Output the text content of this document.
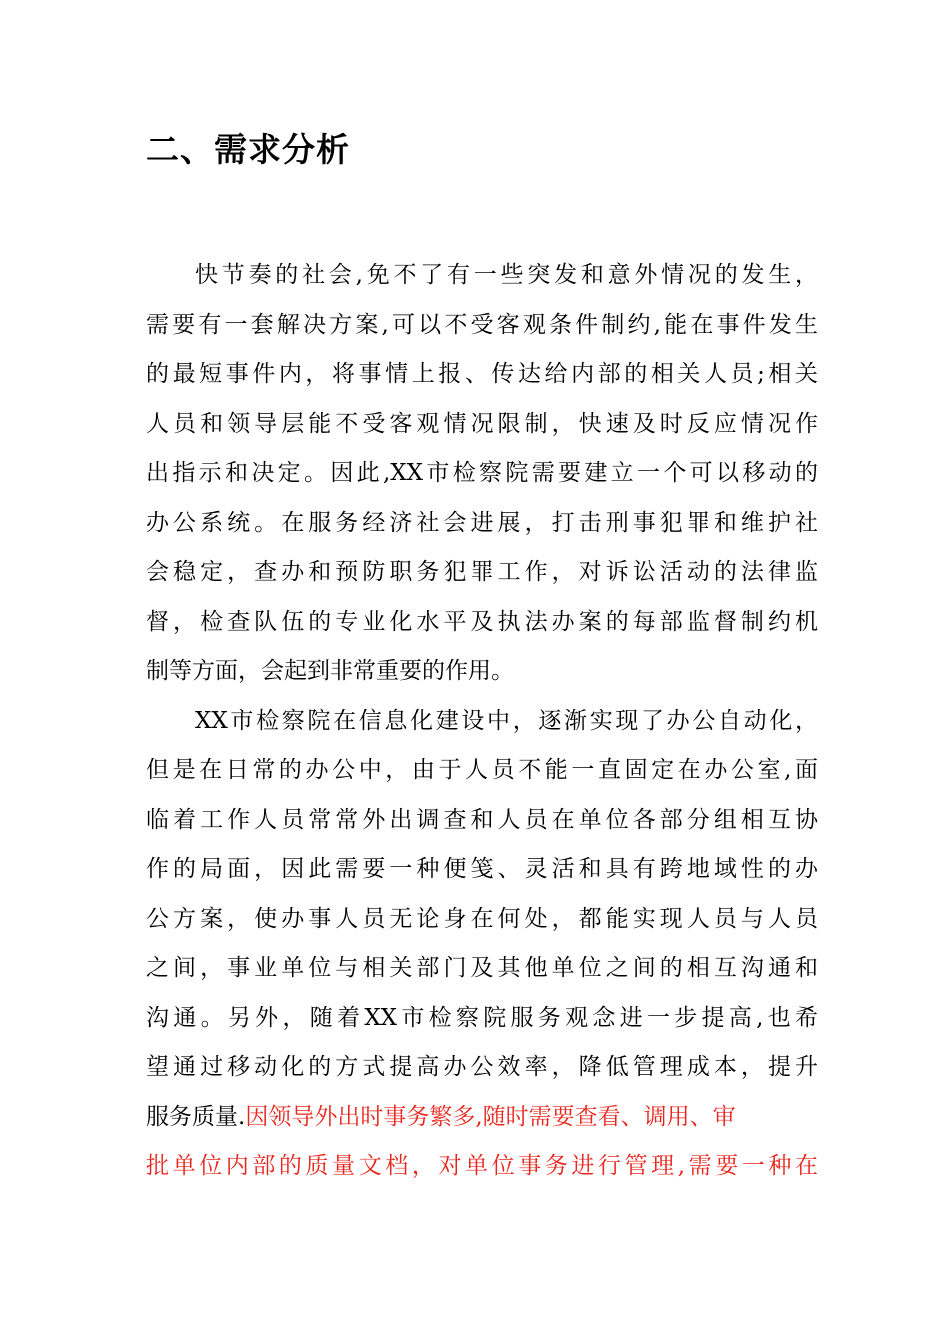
二、需求分析
快节奏的社会,免不了有一些突发和意外情况的发生，
需要有一套解决方案,可以不受客观条件制约,能在事件发生
的最短事件内，将事情上报、传达给内部的相关人员;相关
人员和领导层能不受客观情况限制，快速及时反应情况作
出指示和决定。因此,XX市检察院需要建立一个可以移动的
办公系统。在服务经济社会进展，打击刑事犯罪和维护社
会稳定，查办和预防职务犯罪工作，对诉讼活动的法律监
督，检查队伍的专业化水平及执法办案的每部监督制约机
制等方面，会起到非常重要的作用。
XX市检察院在信息化建设中，逐渐实现了办公自动化，
但是在日常的办公中，由于人员不能一直固定在办公室,面
临着工作人员常常外出调查和人员在单位各部分组相互协
作的局面，因此需要一种便笺、灵活和具有跨地域性的办
公方案，使办事人员无论身在何处，都能实现人员与人员
之间，事业单位与相关部门及其他单位之间的相互沟通和
沟通。另外，随着XX市检察院服务观念进一步提高,也希
望通过移动化的方式提高办公效率，降低管理成本，提升
服务质量.因领导外出时事务繁多,随时需要查看、调用、审
批单位内部的质量文档，对单位事务进行管理,需要一种在
